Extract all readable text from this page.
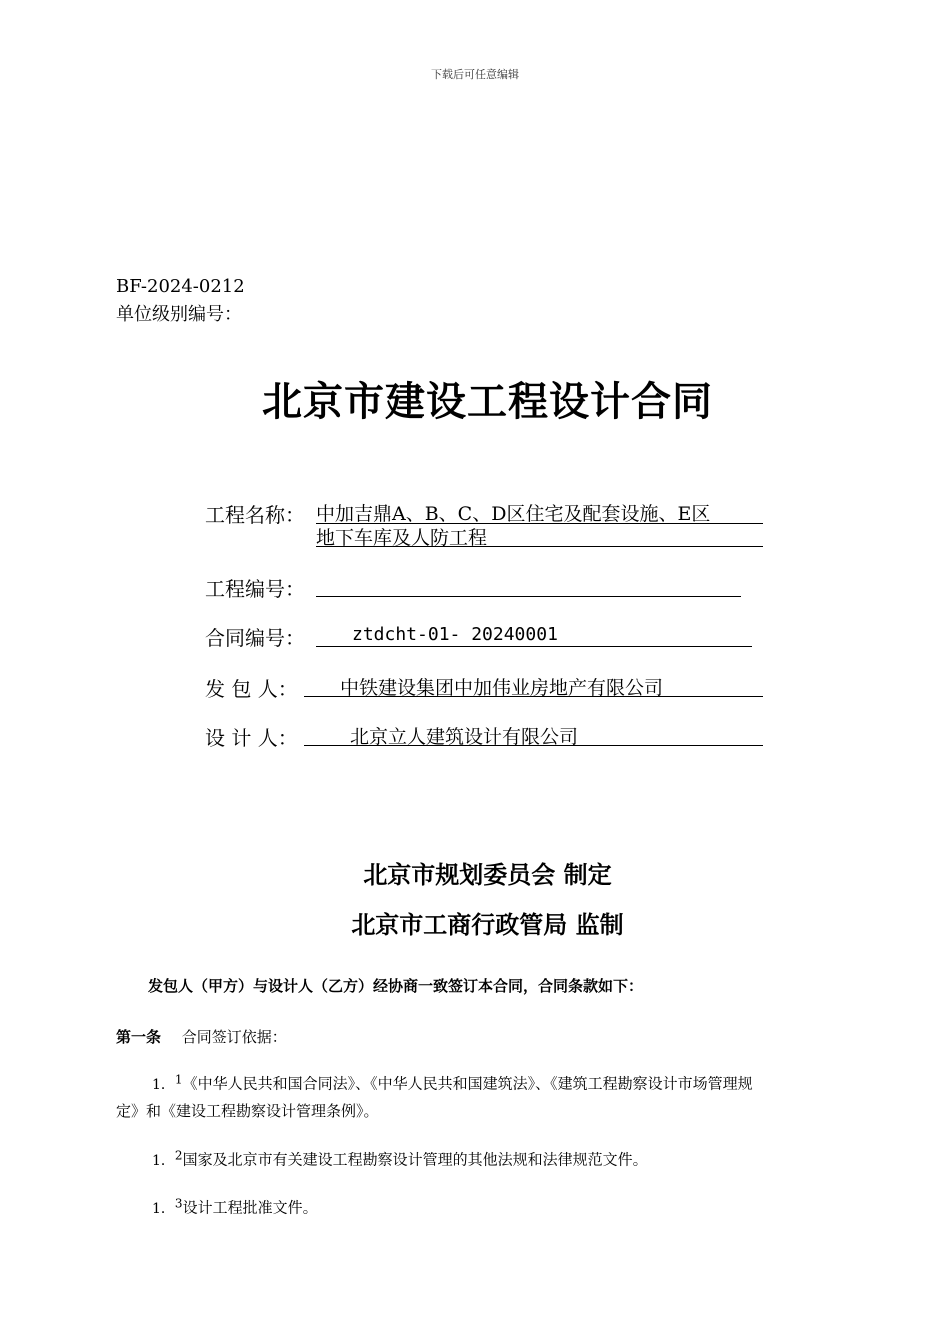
下载后可任意编辑
BF-2024-0212
单位级别编号：
北京市建设工程设计合同
工程名称： 中加吉鼎A、B、C、D区住宅及配套设施、E区
地下车库及人防工程
工程编号：
合同编号：	ztdcht-01- 20240001
发 包 人： 中铁建设集团中加伟业房地产有限公司
设 计 人：	北京立人建筑设计有限公司
北京市规划委员会 制定
北京市工商行政管局 监制
发包人（甲方）与设计人（乙方）经协商一致签订本合同，合同条款如下：
第一条 合同签订依据：
1．$^1$《中华人民共和国合同法》、《中华人民共和国建筑法》、《建筑工程勘察设计市场管理规
定》和《建设工程勘察设计管理条例》。
1．$^2$国家及北京市有关建设工程勘察设计管理的其他法规和法律规范文件。
1．$^3$设计工程批准文件。
